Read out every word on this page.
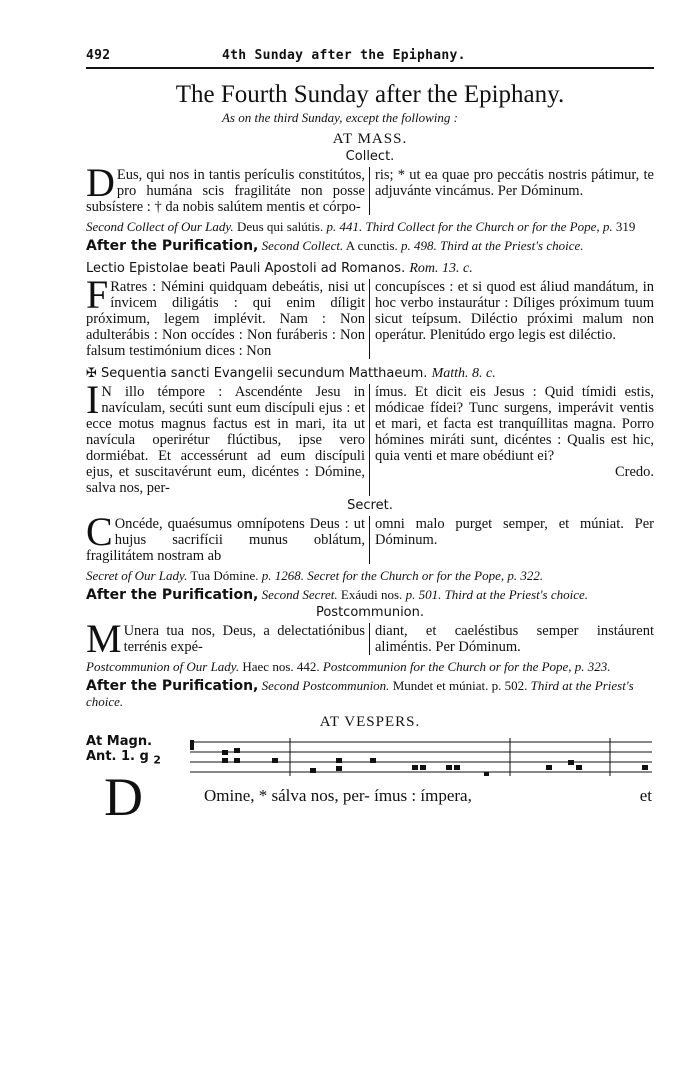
492	4th Sunday after the Epiphany.
The Fourth Sunday after the Epiphany.
As on the third Sunday, except the following :
AT MASS.
Collect.
D Eus, qui nos in tantis perículis constitútos, pro humána scis fragilitáte non posse subsístere : † da nobis salútem mentis et córpo-
ris; * ut ea quae pro peccátis nostris pátimur, te adjuvánte vincámus. Per Dóminum.
Second Collect of Our Lady. Deus qui salútis. p. 441. Third Collect for the Church or for the Pope, p. 319
After the Purification, Second Collect. A cunctis. p. 498. Third at the Priest's choice.
Lectio Epistolae beati Pauli Apostoli ad Romanos. Rom. 13. c.
F Ratres : Némini quidquam debeátis, nisi ut ínvicem diligátis : qui enim díligit próximum, legem implévit. Nam : Non adulterábis : Non occídes : Non furáberis : Non falsum testimónium dices : Non
concupísces : et si quod est áliud mandátum, in hoc verbo instaurátur : Díliges próximum tuum sicut teípsum. Diléctio próximi malum non operátur. Plenitúdo ergo legis est diléctio.
✠ Sequentia sancti Evangelii secundum Matthaeum. Matth. 8. c.
I N illo témpore : Ascendénte Jesu in navículam, secúti sunt eum discípuli ejus : et ecce motus magnus factus est in mari, ita ut navícula operirétur flúctibus, ipse vero dormiébat. Et accessérunt ad eum discípuli ejus, et suscitavérunt eum, dicéntes : Dómine, salva nos, per-
ímus. Et dicit eis Jesus : Quid tímidi estis, módicae fídei? Tunc surgens, imperávit ventis et mari, et facta est tranquíllitas magna. Porro hómines miráti sunt, dicéntes : Qualis est hic, quia venti et mare obédiunt ei?
Credo.
Secret.
C Oncéde, quaésumus omnípotens Deus : ut hujus sacrifícii munus oblátum, fragilitátem nostram ab
omni malo purget semper, et múniat. Per Dóminum.
Secret of Our Lady. Tua Dómine. p. 1268. Secret for the Church or for the Pope, p. 322.
After the Purification, Second Secret. Exáudi nos. p. 501. Third at the Priest's choice.
Postcommunion.
M Unera tua nos, Deus, a delectatiónibus terrénis expé-
diant, et caeléstibus semper instáurent aliméntis. Per Dóminum.
Postcommunion of Our Lady. Haec nos. 442. Postcommunion for the Church or for the Pope, p. 323.
After the Purification, Second Postcommunion. Mundet et múniat. p. 502. Third at the Priest's choice.
AT VESPERS.
At Magn.
Ant. 1. g $_2$
D	Omine, * sálva nos, per- ímus : ímpera,	et
